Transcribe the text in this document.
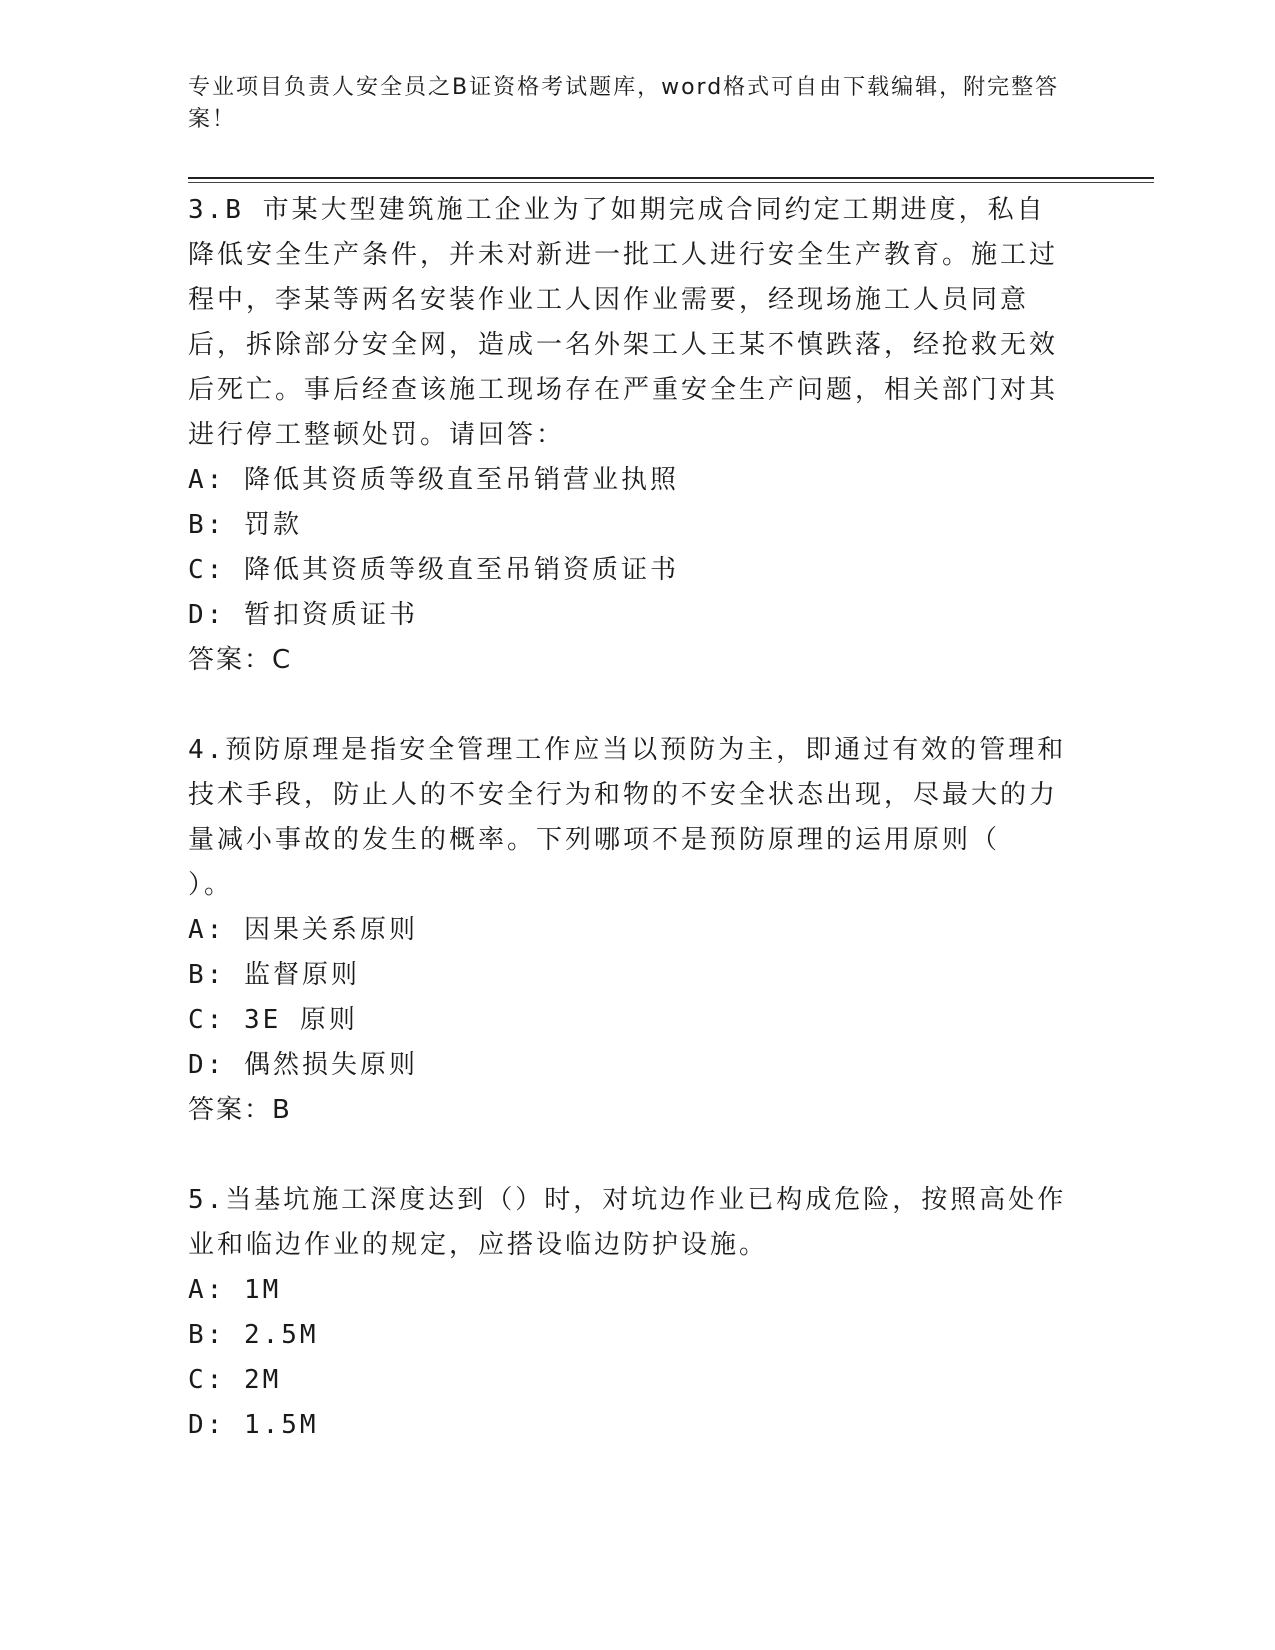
专业项目负责人安全员之B证资格考试题库，word格式可自由下载编辑，附完整答案！

3.B 市某大型建筑施工企业为了如期完成合同约定工期进度，私自降低安全生产条件，并未对新进一批工人进行安全生产教育。施工过程中，李某等两名安装作业工人因作业需要，经现场施工人员同意后，拆除部分安全网，造成一名外架工人王某不慎跌落，经抢救无效后死亡。事后经查该施工现场存在严重安全生产问题，相关部门对其进行停工整顿处罚。请回答：

A: 降低其资质等级直至吊销营业执照

B: 罚款

C: 降低其资质等级直至吊销资质证书

D: 暂扣资质证书

答案：C

4.预防原理是指安全管理工作应当以预防为主，即通过有效的管理和技术手段，防止人的不安全行为和物的不安全状态出现，尽最大的力量减小事故的发生的概率。下列哪项不是预防原理的运用原则（　　）。

A: 因果关系原则

B: 监督原则

C: 3E 原则

D: 偶然损失原则

答案：B

5.当基坑施工深度达到（）时，对坑边作业已构成危险，按照高处作业和临边作业的规定，应搭设临边防护设施。

A: 1M

B: 2.5M

C: 2M

D: 1.5M
